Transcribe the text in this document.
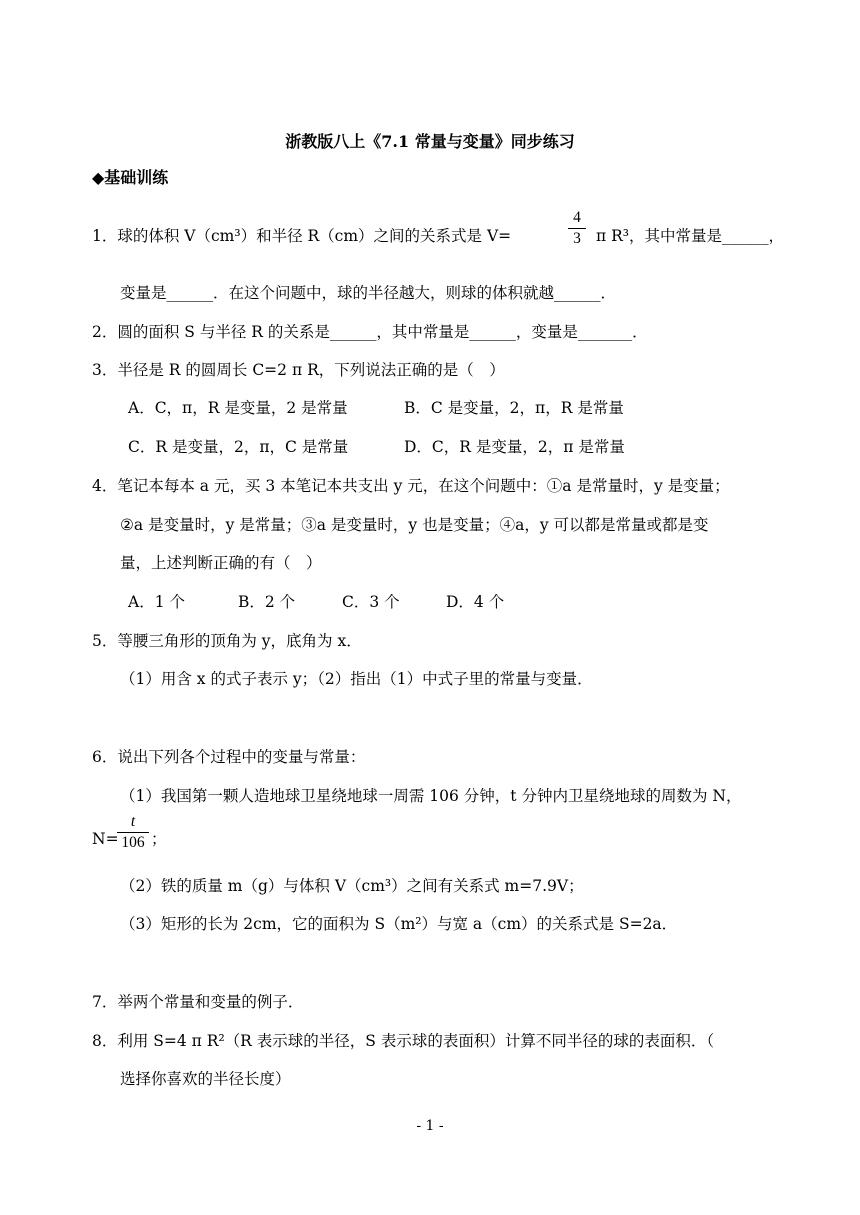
浙教版八上《7.1 常量与变量》同步练习
◆基础训练
1．球的体积 V（cm³）和半径 R（cm）之间的关系式是 V=
4
3 π R³，其中常量是______，
变量是______．在这个问题中，球的半径越大，则球的体积就越______．
2．圆的面积 S 与半径 R 的关系是______，其中常量是______，变量是_______．
3．半径是 R 的圆周长 C=2 π R，下列说法正确的是（　）
A．C，π，R 是变量，2 是常量	B．C 是变量，2，π，R 是常量
C．R 是变量，2，π，C 是常量	D．C，R 是变量，2，π 是常量
4．笔记本每本 a 元，买 3 本笔记本共支出 y 元，在这个问题中：①a 是常量时，y 是变量；
②a 是变量时，y 是常量；③a 是变量时，y 也是变量；④a，y 可以都是常量或都是变
量，上述判断正确的有（　）
A．1 个	B．2 个	C．3 个	D．4 个
5．等腰三角形的顶角为 y，底角为 x．
（1）用含 x 的式子表示 y；（2）指出（1）中式子里的常量与变量．
6．说出下列各个过程中的变量与常量：
（1）我国第一颗人造地球卫星绕地球一周需 106 分钟，t 分钟内卫星绕地球的周数为 N，
N=
t
106 ；
（2）铁的质量 m（g）与体积 V（cm³）之间有关系式 m=7.9V；
（3）矩形的长为 2cm，它的面积为 S（m²）与宽 a（cm）的关系式是 S=2a．
7．举两个常量和变量的例子．
8．利用 S=4 π R²（R 表示球的半径，S 表示球的表面积）计算不同半径的球的表面积．（
选择你喜欢的半径长度）
- 1 -
